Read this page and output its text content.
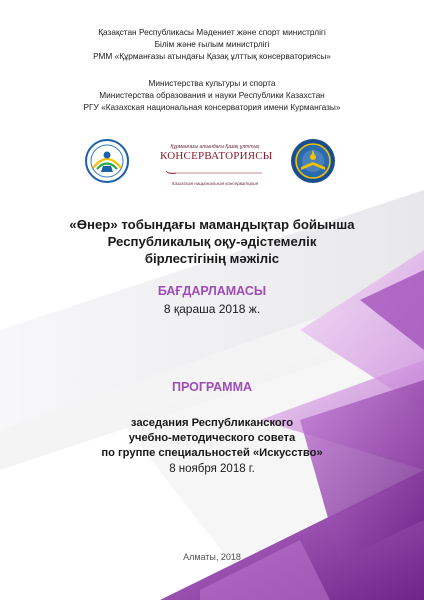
Қазақстан Республикасы Мәдениет және спорт министрлігі
Білім және ғылым министрлігі
РММ «Құрманғазы атындағы Қазақ ұлттық консерваториясы»
Министерства культуры и спорта
Министерства образования и науки Республики Казахстан
РГУ «Казахская национальная консерватория имени Курмангазы»
Құрманғазы атындағы Қазақ ұлттық
КОНСЕРВАТОРИЯСЫ
Казахская национальная консерватория
«Өнер» тобындағы мамандықтар бойынша
Республикалық оқу-әдістемелік
бірлестігінің мәжіліс
БАҒДАРЛАМАСЫ
8 қараша 2018 ж.
ПРОГРАММА
заседания Республиканского
учебно-методического совета
по группе специальностей «Искусство»
8 ноября 2018 г.
Алматы, 2018
